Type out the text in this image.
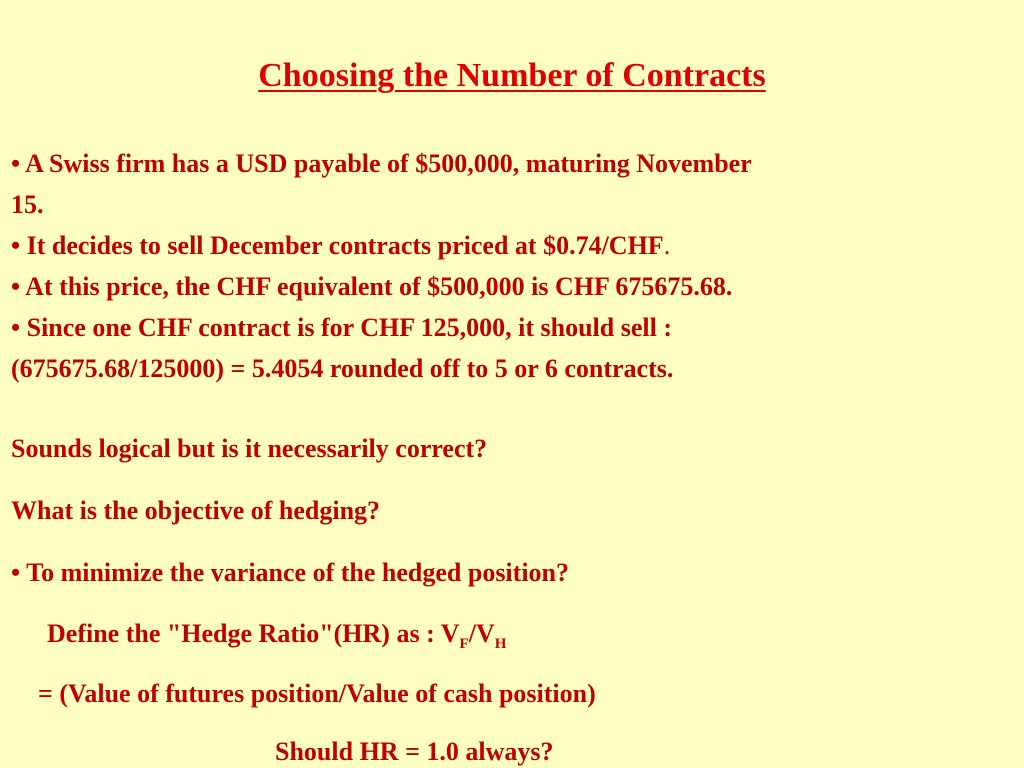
Choosing the Number of Contracts
• A Swiss firm has a USD payable of $500,000, maturing November
15.
• It decides to sell December contracts priced at $0.74/CHF.
• At this price, the CHF equivalent of $500,000 is CHF 675675.68.
• Since one CHF contract is for CHF 125,000, it should sell :
(675675.68/125000) = 5.4054 rounded off to 5 or 6 contracts.
Sounds logical but is it necessarily correct?
What is the objective of hedging?
• To minimize the variance of the hedged position?
Define the "Hedge Ratio"(HR) as : $V_F/V_H$
= (Value of futures position/Value of cash position)
Should HR = 1.0 always?
